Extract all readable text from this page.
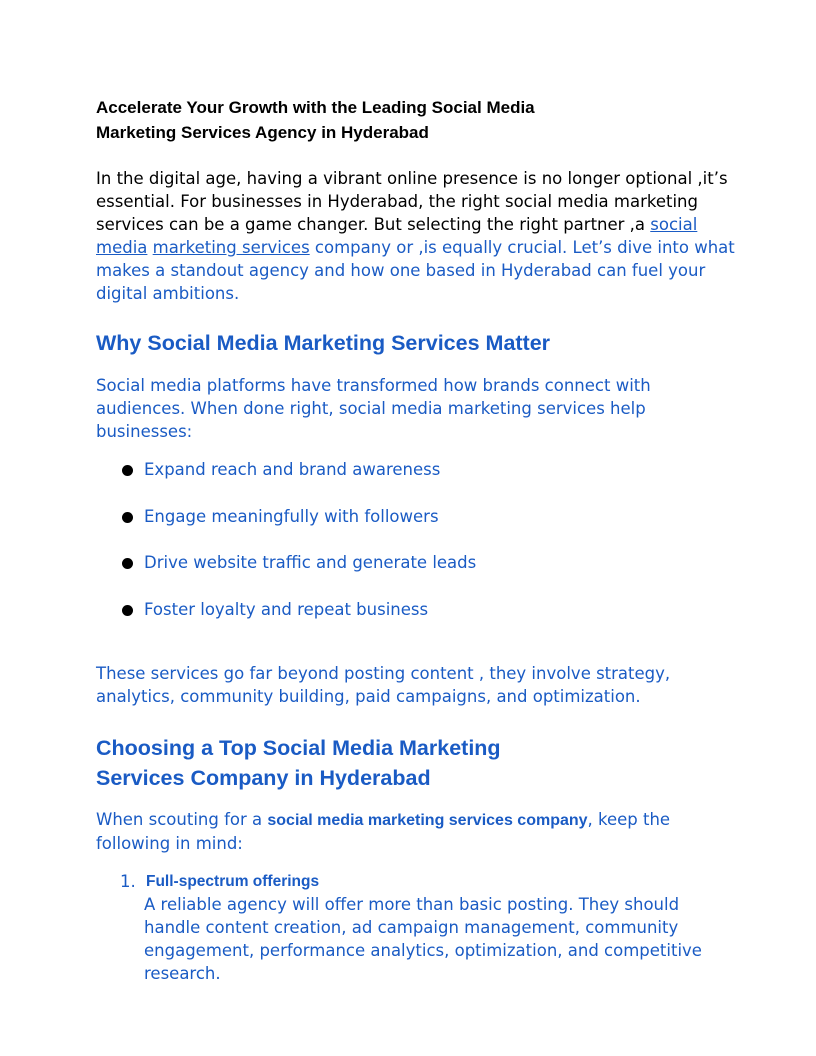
Accelerate Your Growth with the Leading Social Media
Marketing Services Agency in Hyderabad

In the digital age, having a vibrant online presence is no longer optional ,it’s essential. For businesses in Hyderabad, the right social media marketing services can be a game changer. But selecting the right partner ,a social media marketing services company or ,is equally crucial. Let’s dive into what makes a standout agency and how one based in Hyderabad can fuel your digital ambitions.

Why Social Media Marketing Services Matter

Social media platforms have transformed how brands connect with audiences. When done right, social media marketing services help businesses:

Expand reach and brand awareness
Engage meaningfully with followers
Drive website traffic and generate leads
Foster loyalty and repeat business

These services go far beyond posting content , they involve strategy, analytics, community building, paid campaigns, and optimization.

Choosing a Top Social Media Marketing
Services Company in Hyderabad

When scouting for a social media marketing services company, keep the following in mind:

1. Full-spectrum offerings
A reliable agency will offer more than basic posting. They should handle content creation, ad campaign management, community engagement, performance analytics, optimization, and competitive research.
